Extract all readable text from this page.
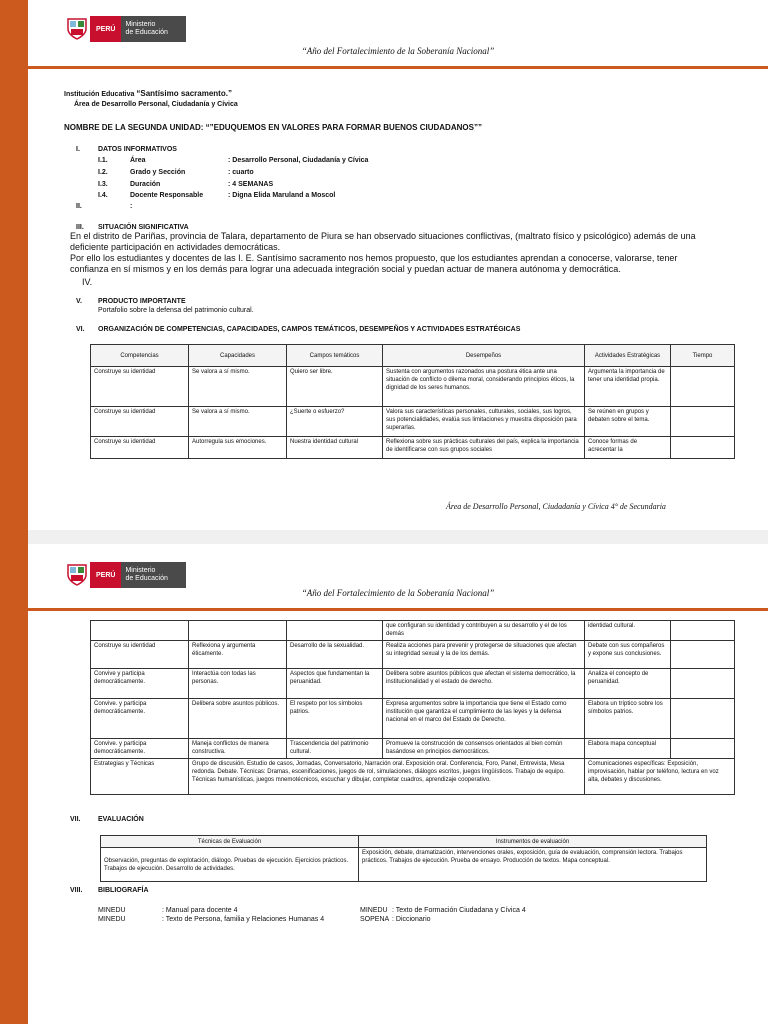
PERÚ
Ministerio
de Educación
“Año del Fortalecimiento de la Soberanía Nacional”
Institución Educativa “Santísimo sacramento.”
Área de Desarrollo Personal, Ciudadanía y Cívica
NOMBRE DE LA SEGUNDA UNIDAD: “”EDUQUEMOS EN VALORES PARA FORMAR BUENOS CIUDADANOS””
I.	DATOS INFORMATIVOS
I.1.	Área	: Desarrollo Personal, Ciudadanía y Cívica
I.2.	Grado y Sección	: cuarto
I.3.	Duración	: 4 SEMANAS
I.4.	Docente Responsable	: Digna Elida Maruland a Moscol
II.	:
III. SITUACIÓN SIGNIFICATIVA
En el distrito de Pariñas, provincia de Talara, departamento de Piura se han observado situaciones conflictivas, (maltrato físico y psicológico) además de una deficiente participación en actividades democráticas.
Por ello los estudiantes y docentes de las I. E. Santísimo sacramento nos hemos propuesto, que los estudiantes aprendan a conocerse, valorarse, tener confianza en sí mismos y en los demás para lograr una adecuada integración social y puedan actuar de manera autónoma y democrática.
IV.
V. PRODUCTO IMPORTANTE
Portafolio sobre la defensa del patrimonio cultural.
VI. ORGANIZACIÓN DE COMPETENCIAS, CAPACIDADES, CAMPOS TEMÁTICOS, DESEMPEÑOS Y ACTIVIDADES ESTRATÉGICAS
Competencias	Capacidades	Campos temáticos	Desempeños	Actividades Estratégicas	Tiempo
Construye su identidad	Se valora a sí mismo.	Quiero ser libre.	Sustenta con argumentos razonados una postura ética ante una situación de conflicto o dilema moral, considerando principios éticos, la dignidad de los seres humanos.	Argumenta la importancia de tener una identidad propia.	
Construye su identidad	Se valora a sí mismo.	¿Suerte o esfuerzo?	Valora sus características personales, culturales, sociales, sus logros, sus potencialidades, evalúa sus limitaciones y muestra disposición para superarlas.	Se reúnen en grupos y debaten sobre el tema.	
Construye su identidad	Autorregula sus emociones.	Nuestra identidad cultural	Reflexiona sobre sus prácticas culturales del país, explica la importancia de identificarse con sus grupos sociales	Conoce formas de acrecentar la	
Área de Desarrollo Personal, Ciudadanía y Cívica 4° de Secundaria
PERÚ
Ministerio
de Educación
“Año del Fortalecimiento de la Soberanía Nacional”
			que configuran su identidad y contribuyen a su desarrollo y el de los demás	identidad cultural.	
Construye su identidad	Reflexiona y argumenta éticamente.	Desarrollo de la sexualidad.	Realiza acciones para prevenir y protegerse de situaciones que afectan su integridad sexual y la de los demás.	Debate con sus compañeros y expone sus conclusiones.	
Convive y participa democráticamente.	Interactúa con todas las personas.	Aspectos que fundamentan la peruanidad.	Delibera sobre asuntos públicos que afectan el sistema democrático, la institucionalidad y el estado de derecho.	Analiza el concepto de peruanidad.	
Convive. y participa democráticamente.	Delibera sobre asuntos públicos.	El respeto por los símbolos patrios.	Expresa argumentos sobre la importancia que tiene el Estado como institución que garantiza el cumplimiento de las leyes y la defensa nacional en el marco del Estado de Derecho.	Elabora un tríptico sobre los símbolos patrios.	
Convive. y participa democráticamente.	Maneja conflictos de manera constructiva.	Trascendencia del patrimonio cultural.	Promueve la construcción de consensos orientados al bien común basándose en principios democráticos.	Elabora mapa conceptual	
Estrategias y Técnicas	Grupo de discusión. Estudio de casos, Jornadas, Conversatorio, Narración oral. Exposición oral. Conferencia, Foro, Panel, Entrevista, Mesa redonda. Debate. Técnicas: Dramas, escenificaciones, juegos de rol, simulaciones, diálogos escritos, juegos lingüísticos. Trabajo de equipo. Técnicas humanísticas, juegos mnemotécnicos, escuchar y dibujar, completar cuadros, aprendizaje cooperativo.			Comunicaciones específicas: Exposición, improvisación, hablar por teléfono, lectura en voz alta, debates y discusiones.	
VII. EVALUACIÓN
Técnicas de Evaluación	Instrumentos de evaluación
Observación, preguntas de explotación, diálogo. Pruebas de ejecución. Ejercicios prácticos. Trabajos de ejecución. Desarrollo de actividades.	Exposición, debate, dramatización, intervenciones orales, exposición, guía de evaluación, comprensión lectora. Trabajos prácticos. Trabajos de ejecución. Prueba de ensayo. Producción de textos. Mapa conceptual.
VIII. BIBLIOGRAFÍA
MINEDU	: Manual para docente 4
MINEDU	: Texto de Persona, familia y Relaciones Humanas 4
MINEDU : Texto de Formación Ciudadana y Cívica 4
SOPENA : Diccionario
